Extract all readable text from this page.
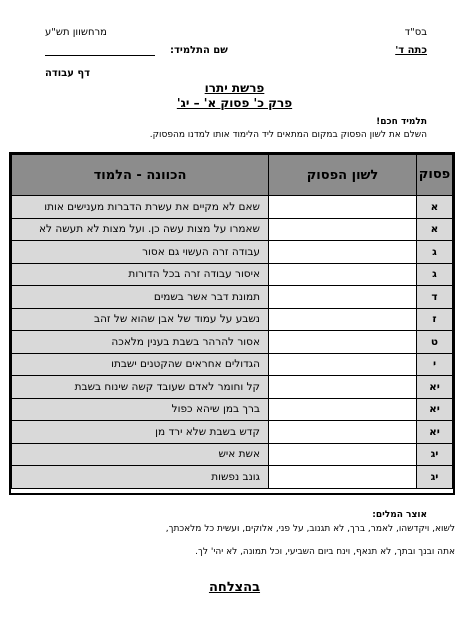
בס"ד
מרחשוון תש"ע
כתה ד'
שם התלמיד:
דף עבודה
פרשת יתרו
פרק כ' פסוק א' – יג'
תלמיד חכם!
השלם את לשון הפסוק במקום המתאים ליד הלימוד אותו למדנו מהפסוק.
פסוק	לשון הפסוק	הכוונה - הלמוד
א		שאם לא מקיים את עשרת הדברות מענישים אותו
א		שאמרו על מצות עשה כן. ועל מצות לא תעשה לא
ג		עבודה זרה העשוי גם אסור
ג		איסור עבודה זרה בכל הדורות
ד		תמונת דבר אשר בשמים
ז		נשבע על עמוד של אבן שהוא של זהב
ט		אסור להרהר בשבת בענין מלאכה
י		הגדולים אחראים שהקטנים ישבתו
יא		קל וחומר לאדם שעובד קשה שינוח בשבת
יא		ברך במן שיהא כפול
יא		קדש בשבת שלא ירד מן
יג		אשת איש
יג		גונב נפשות
אוצר המלים:
לשוא, ויקדשהו, לאמר, ברך, לא תגנוב, על פני, אלוקים, ועשית כל מלאכתך,
אתה ובנך ובתך, לא תנאף, וינח ביום השביעי, וכל תמונה, לא יהי' לך.
בהצלחה
